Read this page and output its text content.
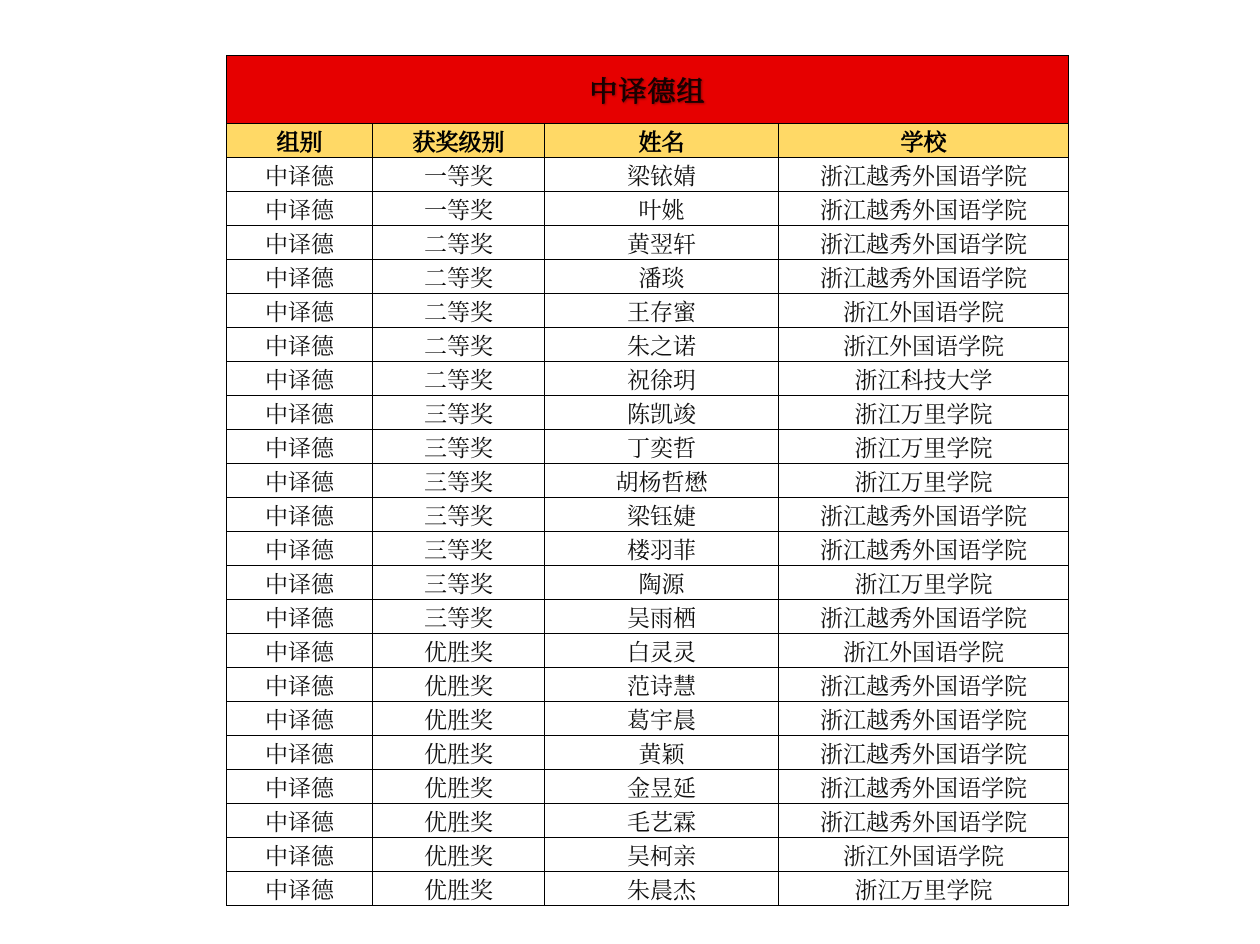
中译德组			
组别	获奖级别	姓名	学校
中译德	一等奖	梁铱婧	浙江越秀外国语学院
中译德	一等奖	叶姚	浙江越秀外国语学院
中译德	二等奖	黄翌轩	浙江越秀外国语学院
中译德	二等奖	潘琰	浙江越秀外国语学院
中译德	二等奖	王存蜜	浙江外国语学院
中译德	二等奖	朱之诺	浙江外国语学院
中译德	二等奖	祝徐玥	浙江科技大学
中译德	三等奖	陈凯竣	浙江万里学院
中译德	三等奖	丁奕哲	浙江万里学院
中译德	三等奖	胡杨哲懋	浙江万里学院
中译德	三等奖	梁钰婕	浙江越秀外国语学院
中译德	三等奖	楼羽菲	浙江越秀外国语学院
中译德	三等奖	陶源	浙江万里学院
中译德	三等奖	吴雨栖	浙江越秀外国语学院
中译德	优胜奖	白灵灵	浙江外国语学院
中译德	优胜奖	范诗慧	浙江越秀外国语学院
中译德	优胜奖	葛宇晨	浙江越秀外国语学院
中译德	优胜奖	黄颖	浙江越秀外国语学院
中译德	优胜奖	金昱延	浙江越秀外国语学院
中译德	优胜奖	毛艺霖	浙江越秀外国语学院
中译德	优胜奖	吴柯亲	浙江外国语学院
中译德	优胜奖	朱晨杰	浙江万里学院
